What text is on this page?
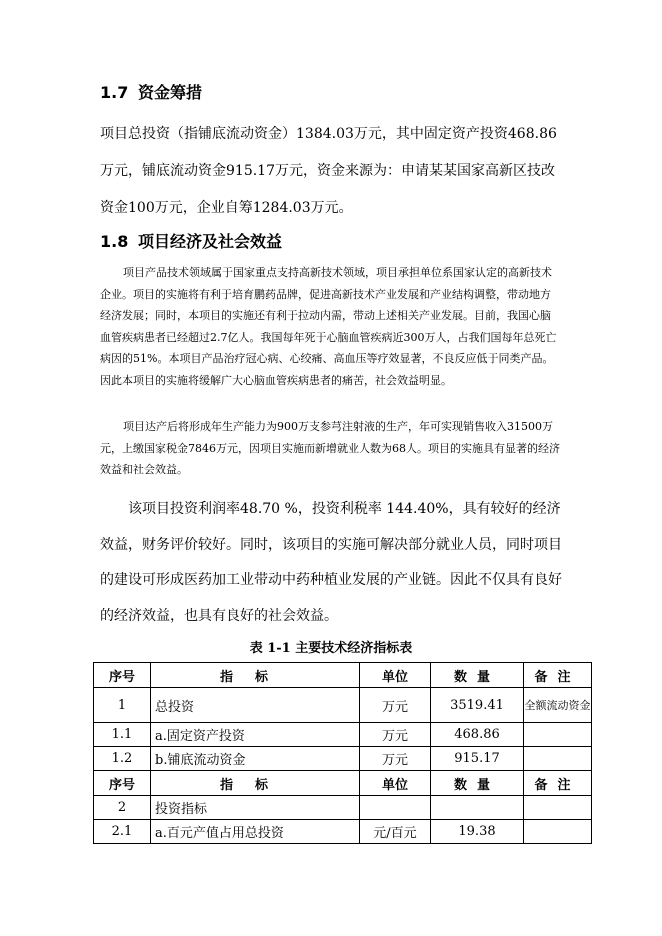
1.7 资金筹措
项目总投资（指铺底流动资金）1384.03万元，其中固定资产投资468.86万元，铺底流动资金915.17万元，资金来源为：申请某某国家高新区技改资金100万元，企业自筹1284.03万元。
1.8 项目经济及社会效益
项目产品技术领域属于国家重点支持高新技术领域，项目承担单位系国家认定的高新技术企业。项目的实施将有利于培育鹏药品牌，促进高新技术产业发展和产业结构调整，带动地方经济发展；同时，本项目的实施还有利于拉动内需，带动上述相关产业发展。目前，我国心脑血管疾病患者已经超过2.7亿人。我国每年死于心脑血管疾病近300万人，占我们国每年总死亡病因的51%。本项目产品治疗冠心病、心绞痛、高血压等疗效显著，不良反应低于同类产品。因此本项目的实施将缓解广大心脑血管疾病患者的痛苦，社会效益明显。
项目达产后将形成年生产能力为900万支参芎注射液的生产，年可实现销售收入31500万元，上缴国家税金7846万元，因项目实施而新增就业人数为68人。项目的实施具有显著的经济效益和社会效益。
该项目投资利润率48.70 %，投资利税率 144.40%，具有较好的经济效益，财务评价较好。同时，该项目的实施可解决部分就业人员，同时项目的建设可形成医药加工业带动中药种植业发展的产业链。因此不仅具有良好的经济效益，也具有良好的社会效益。
表 1-1 主要技术经济指标表
序号	指标	单位	数量	备注
1	总投资	万元	3519.41	全额流动资金
1.1	a.固定资产投资	万元	468.86	
1.2	b.铺底流动资金	万元	915.17	
序号	指标	单位	数量	备注
2	投资指标			
2.1	a.百元产值占用总投资	元/百元	19.38	
